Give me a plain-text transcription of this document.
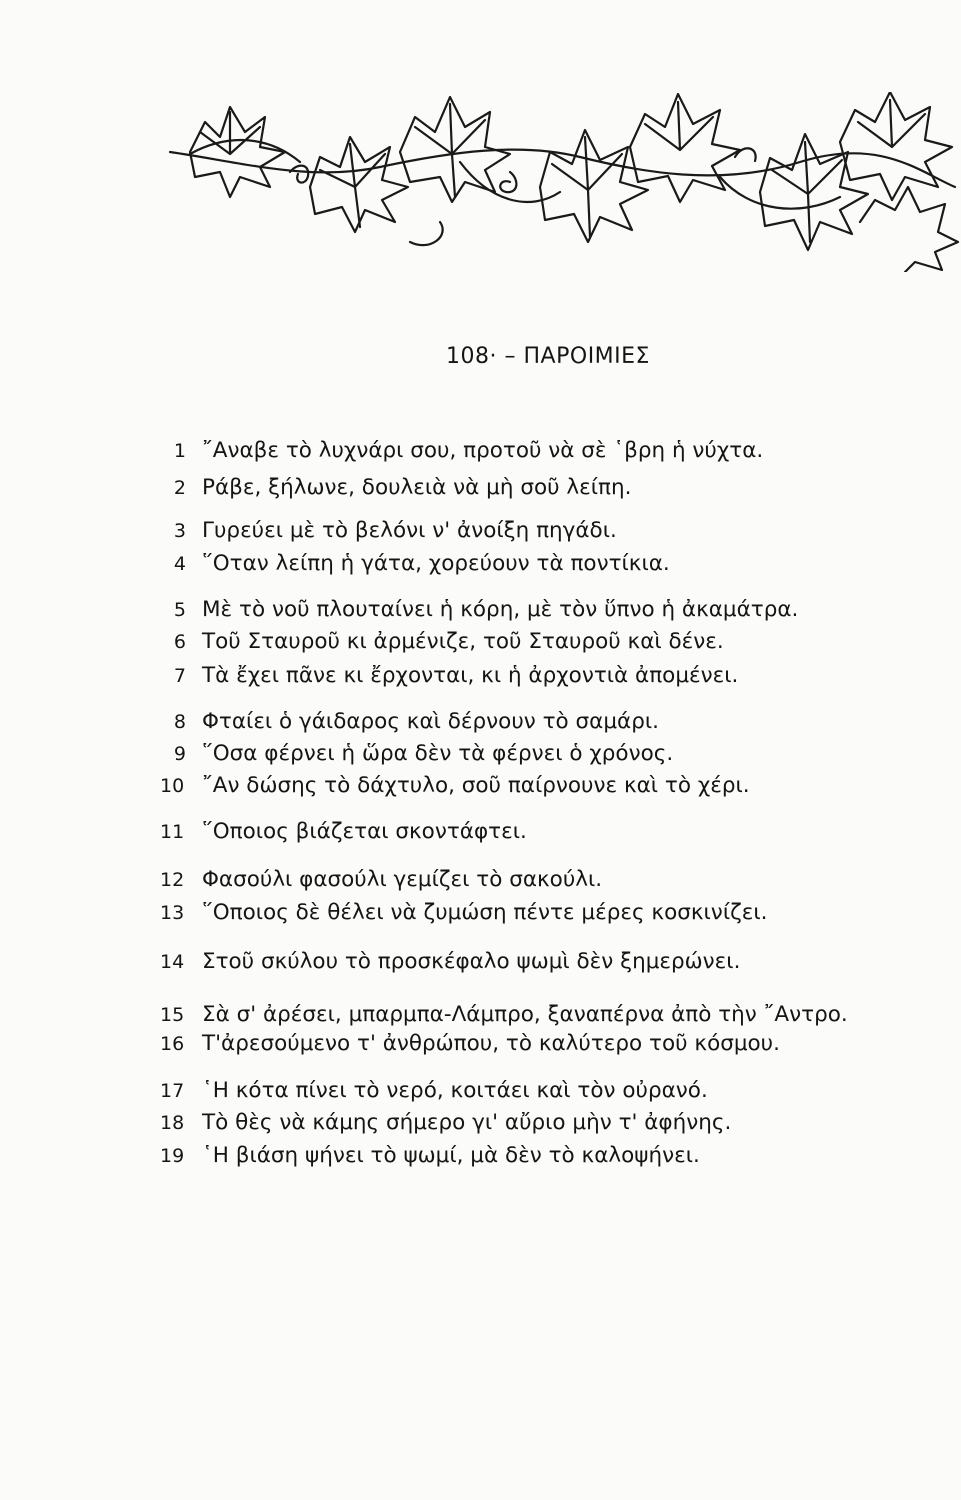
108· – ΠΑΡΟΙΜΙΕΣ
1 ῎Αναβε τὸ λυχνάρι σου, προτοῦ νὰ σὲ ῾βρη ἡ νύχτα.
2 Ράβε, ξήλωνε, δουλειὰ νὰ μὴ σοῦ λείπη.
3 Γυρεύει μὲ τὸ βελόνι ν' ἀνοίξη πηγάδι.
4 ῞Οταν λείπη ἡ γάτα, χορεύουν τὰ ποντίκια.
5 Μὲ τὸ νοῦ πλουταίνει ἡ κόρη, μὲ τὸν ὕπνο ἡ ἀκαμάτρα.
6 Τοῦ Σταυροῦ κι ἀρμένιζε, τοῦ Σταυροῦ καὶ δένε.
7 Τὰ ἔχει πᾶνε κι ἔρχονται, κι ἡ ἀρχοντιὰ ἀπομένει.
8 Φταίει ὁ γάιδαρος καὶ δέρνουν τὸ σαμάρι.
9 ῞Οσα φέρνει ἡ ὥρα δὲν τὰ φέρνει ὁ χρόνος.
10 ῎Αν δώσης τὸ δάχτυλο, σοῦ παίρνουνε καὶ τὸ χέρι.
11 ῞Οποιος βιάζεται σκοντάφτει.
12 Φασούλι φασούλι γεμίζει τὸ σακούλι.
13 ῞Οποιος δὲ θέλει νὰ ζυμώση πέντε μέρες κοσκινίζει.
14 Στοῦ σκύλου τὸ προσκέφαλο ψωμὶ δὲν ξημερώνει.
15 Σὰ σ' ἀρέσει, μπαρμπα-Λάμπρο, ξαναπέρνα ἀπὸ τὴν ῎Αντρο.
16 Τ'ἀρεσούμενο τ' ἀνθρώπου, τὸ καλύτερο τοῦ κόσμου.
17 ῾Η κότα πίνει τὸ νερό, κοιτάει καὶ τὸν οὐρανό.
18 Τὸ θὲς νὰ κάμης σήμερο γι' αὔριο μὴν τ' ἀφήνης.
19 ῾Η βιάση ψήνει τὸ ψωμί, μὰ δὲν τὸ καλοψήνει.
